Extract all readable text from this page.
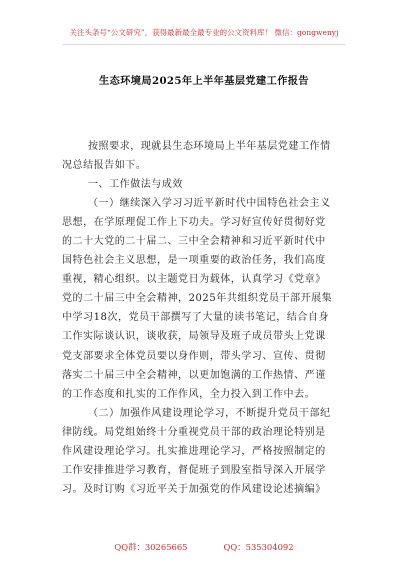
关注头条号“公文研究”，获得最新最全最专业的公文资料库！ 微信：gongwenyj
生态环境局2025年上半年基层党建工作报告
按照要求，现就县生态环境局上半年基层党建工作情
况总结报告如下。
一、工作做法与成效
（一）继续深入学习习近平新时代中国特色社会主义
思想，在学原理促工作上下功夫。学习好宣传好贯彻好党
的二十大党的二十届二、三中全会精神和习近平新时代中
国特色社会主义思想，是一项重要的政治任务，我们高度
重视，精心组织。以主题党日为载体，认真学习《党章》
党的二十届三中全会精神，2025年共组织党员干部开展集
中学习18次，党员干部撰写了大量的读书笔记，结合自身
工作实际谈认识，谈收获，局领导及班子成员带头上党课
党支部要求全体党员要以身作则，带头学习、宣传、贯彻
落实二十届三中全会精神，以更加饱满的工作热情、严谨
的工作态度和扎实的工作作风，全力投入到工作中去。
（二）加强作风建设理论学习，不断提升党员干部纪
律防线。局党组始终十分重视党员干部的政治理论特别是
作风建设理论学习。扎实推进理论学习，严格按照制定的
工作安排推进学习教育，督促班子到股室指导深入开展学
习。及时订购《习近平关于加强党的作风建设论述摘编》
QQ群：30265665	QQ：535304092
